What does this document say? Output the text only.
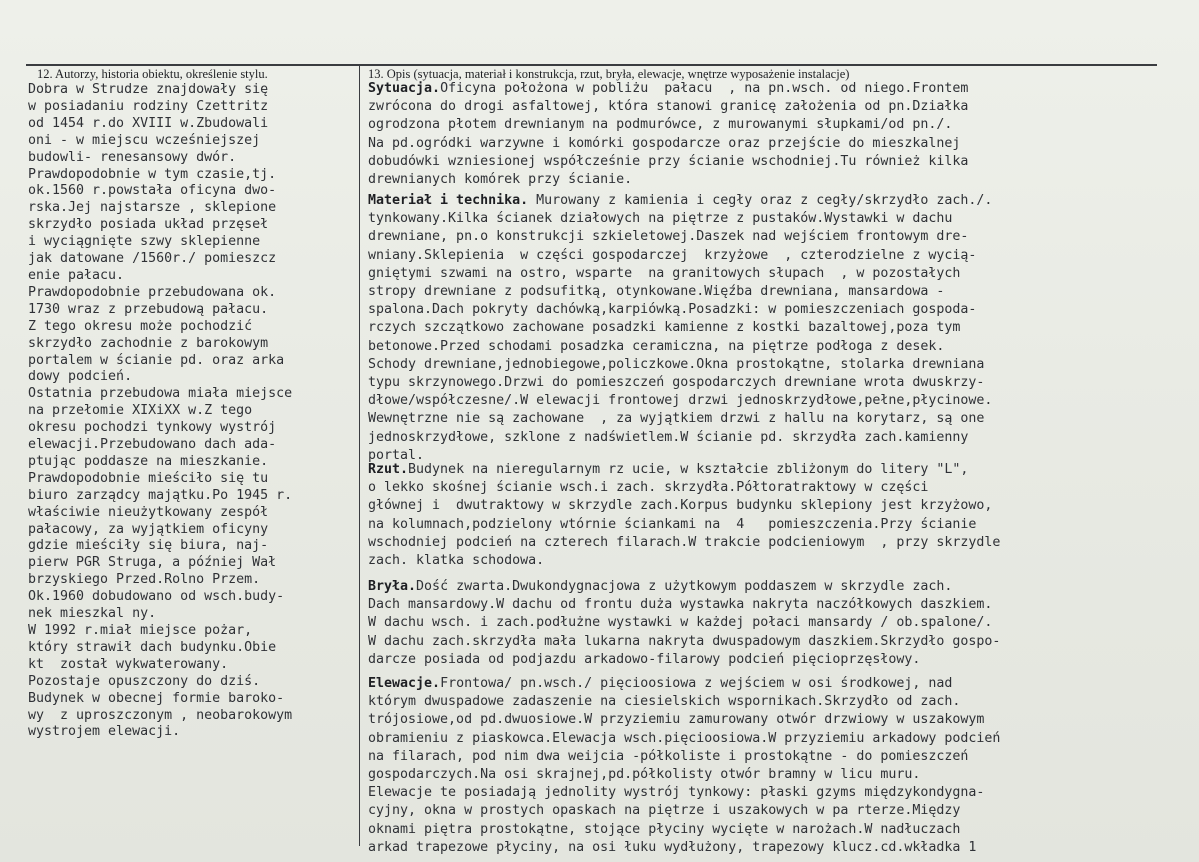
12. Autorzy, historia obiektu, określenie stylu.	13. Opis (sytuacja, materiał i konstrukcja, rzut, bryła, elewacje, wnętrze wyposażenie instalacje)
Dobra w Strudze znajdowały się
w posiadaniu rodziny Czettritz
od 1454 r.do XVIII w.Zbudowali
oni - w miejscu wcześniejszej
budowli- renesansowy dwór.
Prawdopodobnie w tym czasie,tj.
ok.1560 r.powstała oficyna dwo-
rska.Jej najstarsze , sklepione
skrzydło posiada układ przęseł
i wyciągnięte szwy sklepienne
jak datowane /1560r./ pomieszcz
enie pałacu.
Prawdopodobnie przebudowana ok.
1730 wraz z przebudową pałacu.
Z tego okresu może pochodzić
skrzydło zachodnie z barokowym
portalem w ścianie pd. oraz arka
dowy podcień.
Ostatnia przebudowa miała miejsce
na przełomie XIXiXX w.Z tego
okresu pochodzi tynkowy wystrój
elewacji.Przebudowano dach ada-
ptując poddasze na mieszkanie.
Prawdopodobnie mieściło się tu
biuro zarządcy majątku.Po 1945 r.
właściwie nieużytkowany zespół
pałacowy, za wyjątkiem oficyny
gdzie mieściły się biura, naj-
pierw PGR Struga, a później Wał
brzyskiego Przed.Rolno Przem.
Ok.1960 dobudowano od wsch.budy-
nek mieszkal ny.
W 1992 r.miał miejsce pożar,
który strawił dach budynku.Obie
kt  został wykwaterowany.
Pozostaje opuszczony do dziś.
Budynek w obecnej formie baroko-
wy  z uproszczonym , neobarokowym
wystrojem elewacji.
Sytuacja.Oficyna położona w pobliżu  pałacu  , na pn.wsch. od niego.Frontem
zwrócona do drogi asfaltowej, która stanowi granicę założenia od pn.Działka
ogrodzona płotem drewnianym na podmurówce, z murowanymi słupkami/od pn./.
Na pd.ogródki warzywne i komórki gospodarcze oraz przejście do mieszkalnej
dobudówki wzniesionej współcześnie przy ścianie wschodniej.Tu również kilka
drewnianych komórek przy ścianie.
Materiał i technika. Murowany z kamienia i cegły oraz z cegły/skrzydło zach./.
tynkowany.Kilka ścianek działowych na piętrze z pustaków.Wystawki w dachu
drewniane, pn.o konstrukcji szkieletowej.Daszek nad wejściem frontowym dre-
wniany.Sklepienia  w części gospodarczej  krzyżowe  , czterodzielne z wycią-
gniętymi szwami na ostro, wsparte  na granitowych słupach  , w pozostałych
stropy drewniane z podsufitką, otynkowane.Więźba drewniana, mansardowa -
spalona.Dach pokryty dachówką,karpiówką.Posadzki: w pomieszczeniach gospoda-
rczych szczątkowo zachowane posadzki kamienne z kostki bazaltowej,poza tym
betonowe.Przed schodami posadzka ceramiczna, na piętrze podłoga z desek.
Schody drewniane,jednobiegowe,policzkowe.Okna prostokątne, stolarka drewniana
typu skrzynowego.Drzwi do pomieszczeń gospodarczych drewniane wrota dwuskrzy-
dłowe/współczesne/.W elewacji frontowej drzwi jednoskrzydłowe,pełne,płycinowe.
Wewnętrzne nie są zachowane  , za wyjątkiem drzwi z hallu na korytarz, są one
jednoskrzydłowe, szklone z nadświetlem.W ścianie pd. skrzydła zach.kamienny
portal.
Rzut.Budynek na nieregularnym rz ucie, w kształcie zbliżonym do litery "L",
o lekko skośnej ścianie wsch.i zach. skrzydła.Półtoratraktowy w części
głównej i  dwutraktowy w skrzydle zach.Korpus budynku sklepiony jest krzyżowo,
na kolumnach,podzielony wtórnie ściankami na  4   pomieszczenia.Przy ścianie
wschodniej podcień na czterech filarach.W trakcie podcieniowym  , przy skrzydle
zach. klatka schodowa.
Bryła.Dość zwarta.Dwukondygnacjowa z użytkowym poddaszem w skrzydle zach.
Dach mansardowy.W dachu od frontu duża wystawka nakryta naczółkowych daszkiem.
W dachu wsch. i zach.podłużne wystawki w każdej połaci mansardy / ob.spalone/.
W dachu zach.skrzydła mała lukarna nakryta dwuspadowym daszkiem.Skrzydło gospo-
darcze posiada od podjazdu arkadowo-filarowy podcień pięcioprzęsłowy.
Elewacje.Frontowa/ pn.wsch./ pięcioosiowa z wejściem w osi środkowej, nad
którym dwuspadowe zadaszenie na ciesielskich wspornikach.Skrzydło od zach.
trójosiowe,od pd.dwuosiowe.W przyziemiu zamurowany otwór drzwiowy w uszakowym
obramieniu z piaskowca.Elewacja wsch.pięcioosiowa.W przyziemiu arkadowy podcień
na filarach, pod nim dwa weijcia -półkoliste i prostokątne - do pomieszczeń
gospodarczych.Na osi skrajnej,pd.półkolisty otwór bramny w licu muru.
Elewacje te posiadają jednolity wystrój tynkowy: płaski gzyms międzykondygna-
cyjny, okna w prostych opaskach na piętrze i uszakowych w pa rterze.Między
oknami piętra prostokątne, stojące płyciny wycięte w narożach.W nadłuczach
arkad trapezowe płyciny, na osi łuku wydłużony, trapezowy klucz.cd.wkładka 1
